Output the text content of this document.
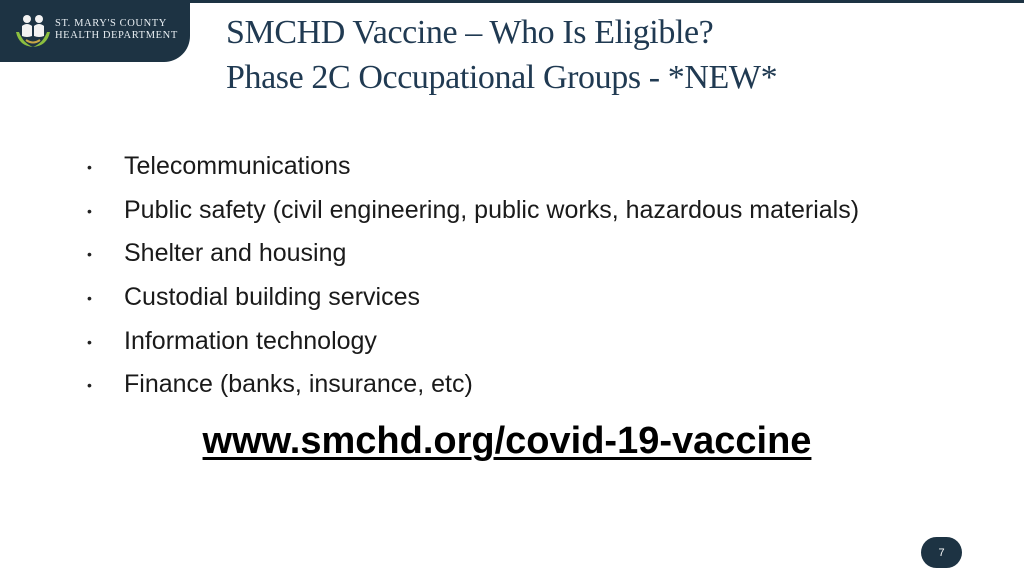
ST. MARY'S COUNTY
HEALTH DEPARTMENT SMCHD Vaccine – Who Is Eligible?
Phase 2C Occupational Groups - *NEW*
• Telecommunications
• Public safety (civil engineering, public works, hazardous materials)
• Shelter and housing
• Custodial building services
• Information technology
• Finance (banks, insurance, etc)
www.smchd.org/covid-19-vaccine
7
